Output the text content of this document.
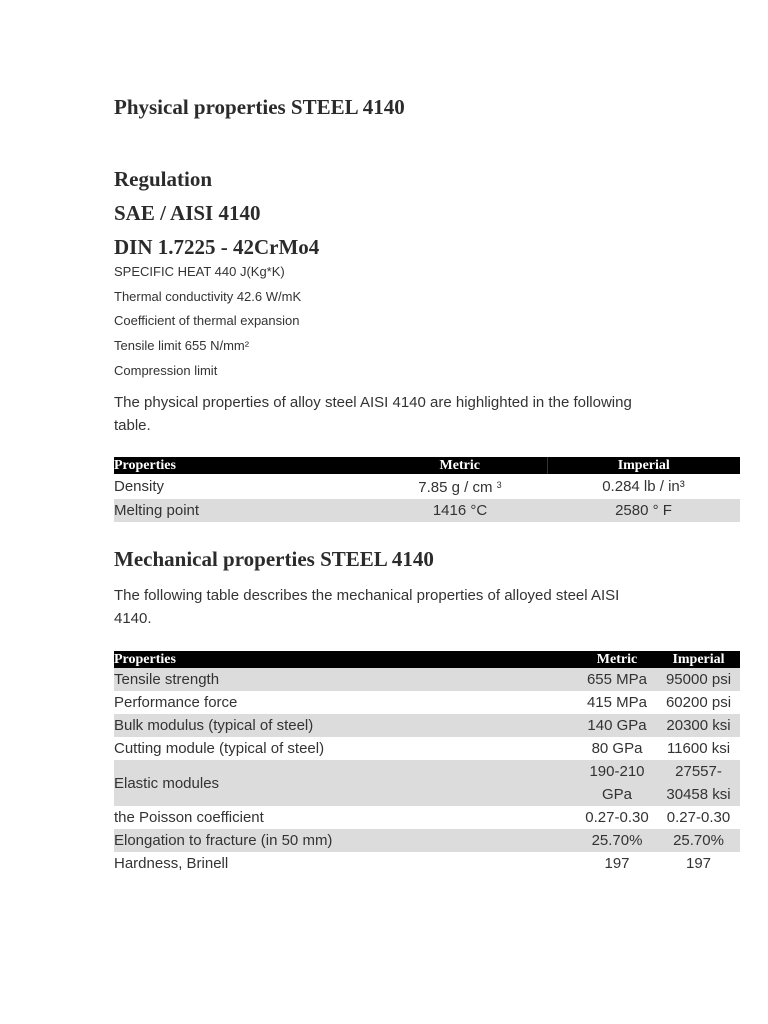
Physical properties STEEL 4140
Regulation
SAE / AISI 4140
DIN 1.7225 - 42CrMo4
SPECIFIC HEAT 440 J(Kg*K)
Thermal conductivity 42.6 W/mK
Coefficient of thermal expansion
Tensile limit 655 N/mm²
Compression limit

The physical properties of alloy steel AISI 4140 are highlighted in the following table.

Properties	Metric	Imperial
Density	7.85 g / cm $^3$	0.284 lb / in³
Melting point	1416 °C	2580 ° F
Mechanical properties STEEL 4140

The following table describes the mechanical properties of alloyed steel AISI 4140.

Properties	Metric	Imperial
Tensile strength	655 MPa	95000 psi
Performance force	415 MPa	60200 psi
Bulk modulus (typical of steel)	140 GPa	20300 ksi
Cutting module (typical of steel)	80 GPa	11600 ksi
Elastic modules	190-210 GPa	27557-30458 ksi
the Poisson coefficient	0.27-0.30	0.27-0.30
Elongation to fracture (in 50 mm)	25.70%	25.70%
Hardness, Brinell	197	197
